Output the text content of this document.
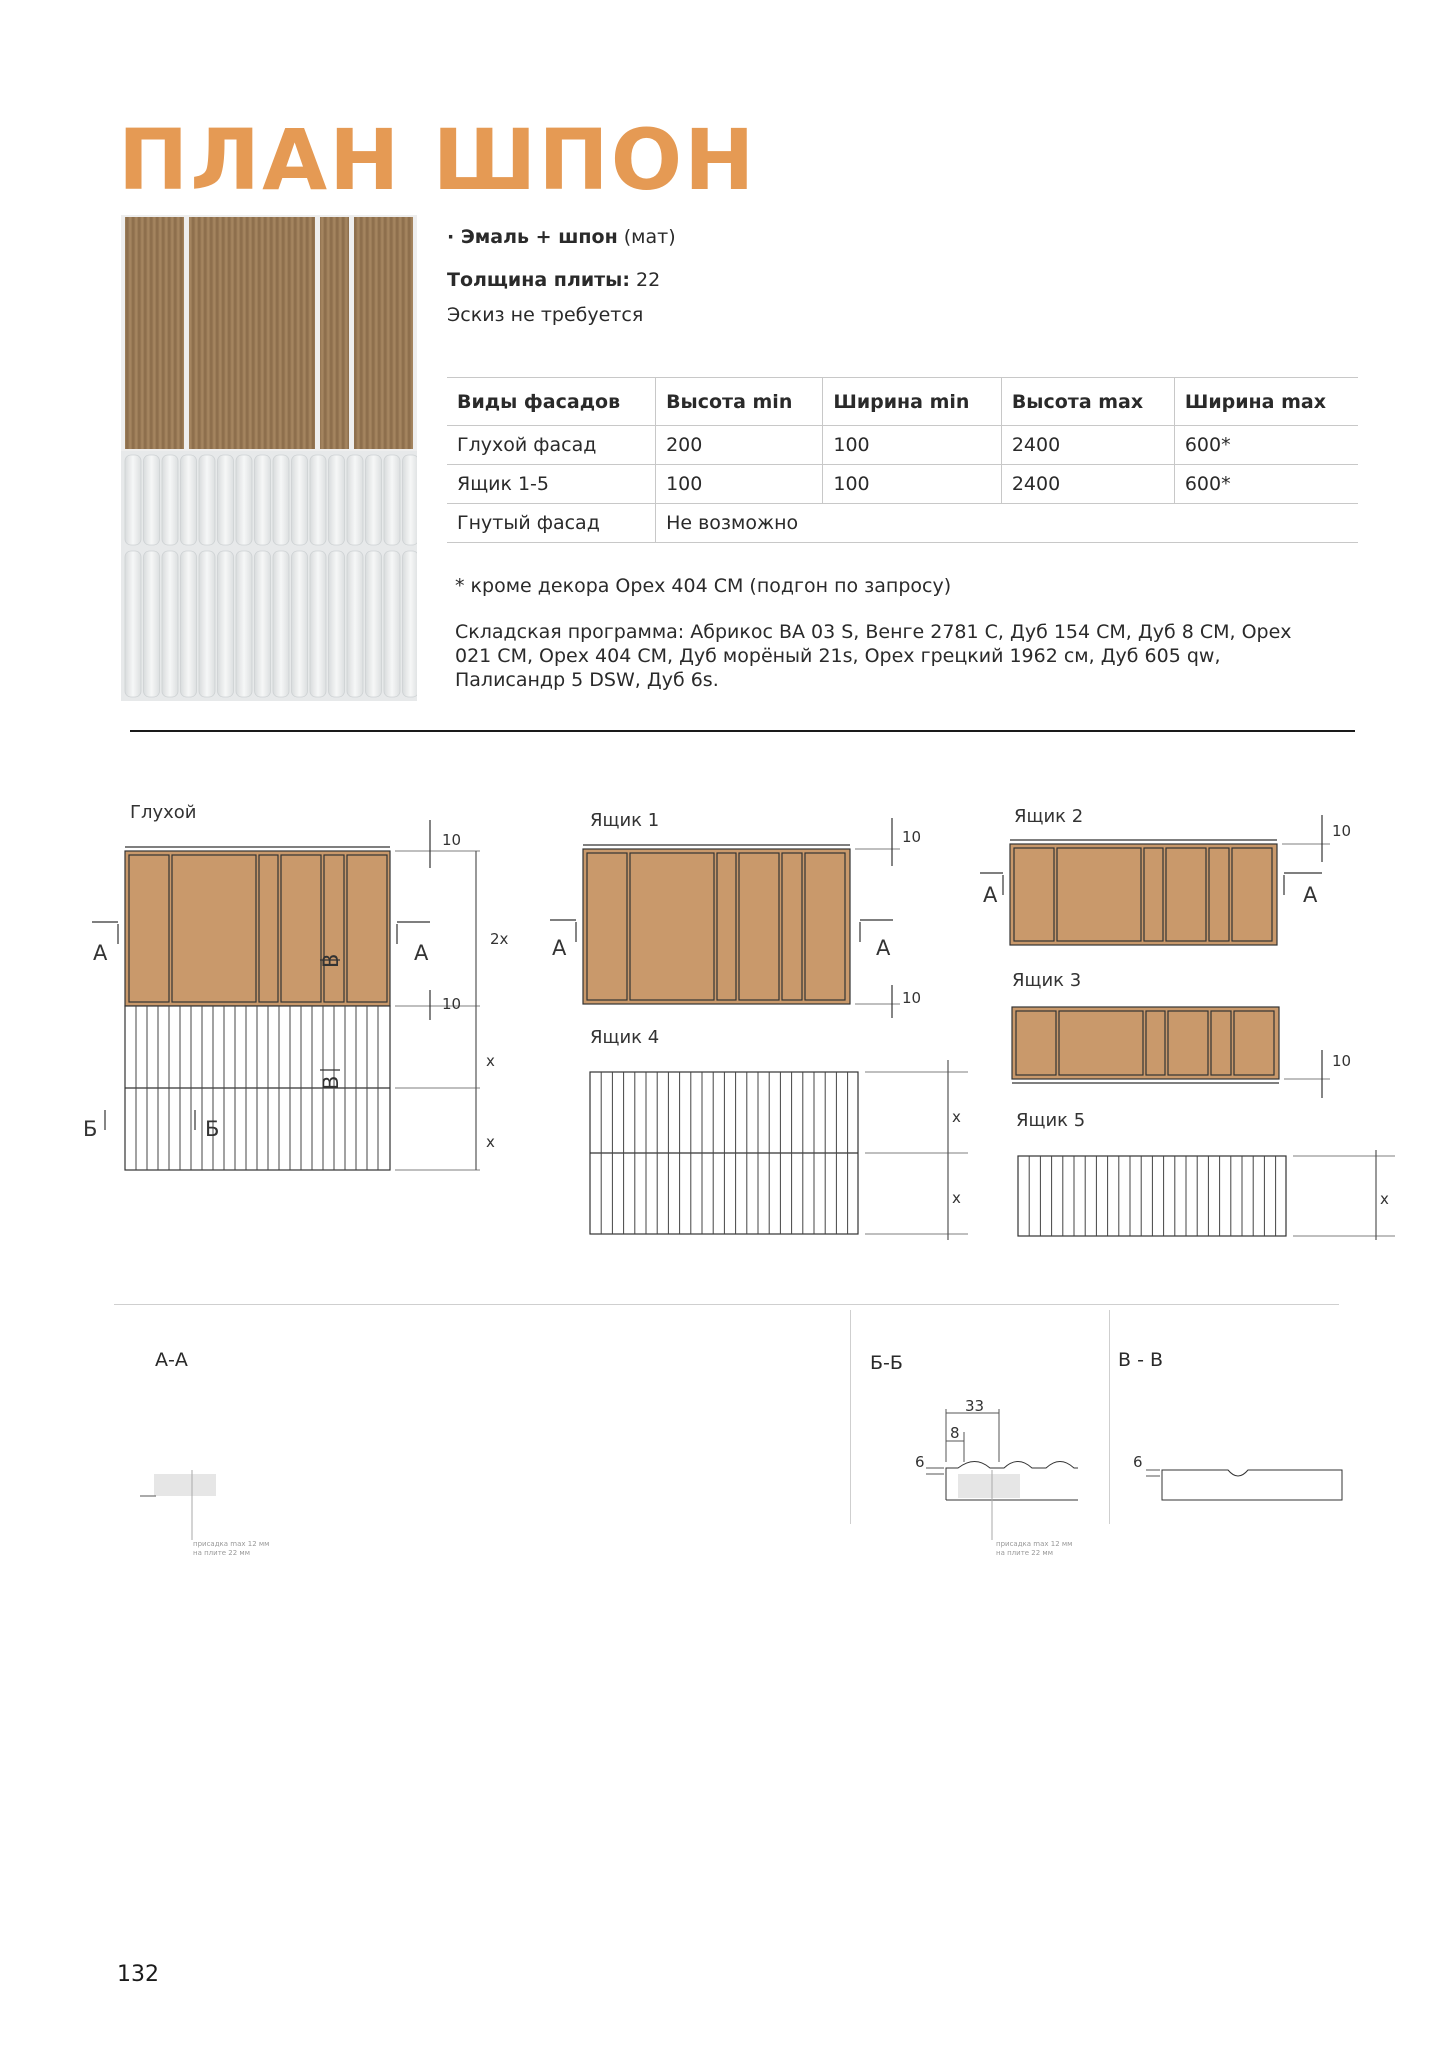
ПЛАН ШПОН
· Эмаль + шпон (мат)
Толщина плиты: 22
Эскиз не требуется
Виды фасадов	Высота min	Ширина min	Высота max	Ширина max
Глухой фасад	200	100	2400	600*
Ящик 1-5	100	100	2400	600*
Гнутый фасад	Не возможно			
* кроме декора Орех 404 СМ (подгон по запросу)
Складская программа: Абрикос ВА 03 S, Венге 2781 С, Дуб 154 СМ, Дуб 8 СМ, Орех 021 СМ, Орех 404 СМ, Дуб морёный 21s, Орех грецкий 1962 см, Дуб 605 qw, Палисандр 5 DSW, Дуб 6s.
Глухой	Ящик 1	Ящик 2
Ящик 3
Ящик 4
Ящик 5
10
10
2x
x
x
10
10
10
10
x
x	x
А	А	А	А
А	А
Б	Б
В
В
А-А	Б-Б	В - В
33
8
6	6
присадка max 12 мм
на плите 22 мм
присадка max 12 мм
на плите 22 мм
132
